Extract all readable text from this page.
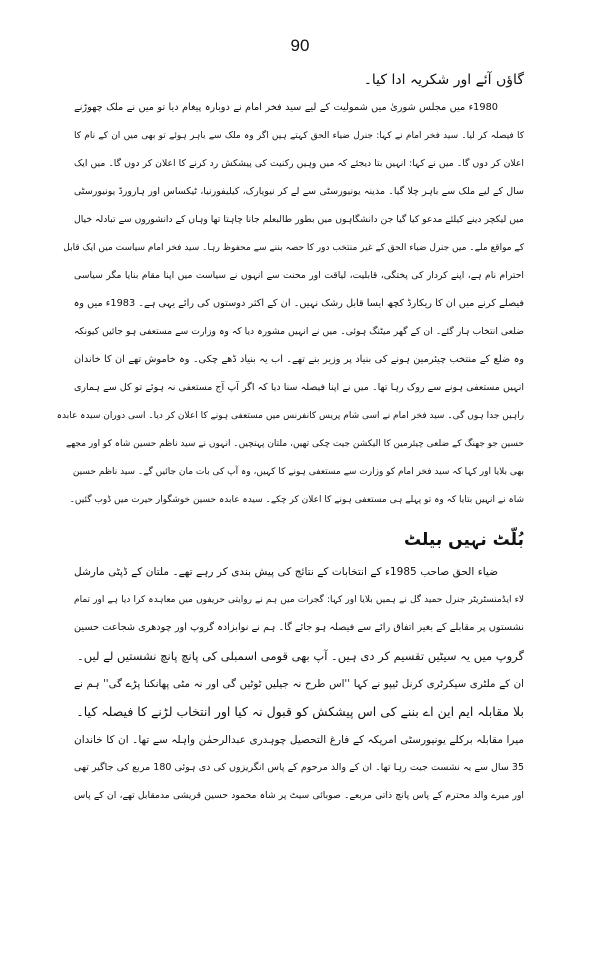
90
گاؤں آئے اور شکریہ ادا کیا۔
1980ء میں مجلس شوریٰ میں شمولیت کے لیے سید فخر امام نے دوبارہ پیغام دیا تو میں نے ملک چھوڑنے
کا فیصلہ کر لیا۔ سید فخر امام نے کہا: جنرل ضیاء الحق کہتے ہیں اگر وہ ملک سے باہر ہوئے تو بھی میں ان کے نام کا
اعلان کر دوں گا۔ میں نے کہا: انہیں بتا دیجئے کہ میں وہیں رکنیت کی پیشکش رد کرنے کا اعلان کر دوں گا۔ میں ایک
سال کے لیے ملک سے باہر چلا گیا۔ مدینہ یونیورسٹی سے لے کر نیویارک، کیلیفورنیا، ٹیکساس اور ہارورڈ یونیورسٹی
میں لیکچر دینے کیلئے مدعو کیا گیا جن دانشگاہوں میں بطور طالبعلم جانا چاہتا تھا وہاں کے دانشوروں سے تبادلہ خیال
کے مواقع ملے۔ میں جنرل ضیاء الحق کے غیر منتخب دور کا حصہ بننے سے محفوظ رہا۔ سید فخر امام سیاست میں ایک قابل
احترام نام ہے، اپنے کردار کی پختگی، قابلیت، لیاقت اور محنت سے انہوں نے سیاست میں اپنا مقام بنایا مگر سیاسی
فیصلے کرنے میں ان کا ریکارڈ کچھ ایسا قابل رشک نہیں۔ ان کے اکثر دوستوں کی رائے یہی ہے۔ 1983ء میں وہ
ضلعی انتخاب ہار گئے۔ ان کے گھر میٹنگ ہوئی۔ میں نے انہیں مشورہ دیا کہ وہ وزارت سے مستعفی ہو جائیں کیونکہ
وہ ضلع کے منتخب چیئرمین ہونے کی بنیاد پر وزیر بنے تھے۔ اب یہ بنیاد ڈھے چکی۔ وہ خاموش تھے ان کا خاندان
انہیں مستعفی ہونے سے روک رہا تھا۔ میں نے اپنا فیصلہ سنا دیا کہ اگر آپ آج مستعفی نہ ہوئے تو کل سے ہماری
راہیں جدا ہوں گی۔ سید فخر امام نے اسی شام پریس کانفرنس میں مستعفی ہونے کا اعلان کر دیا۔ اسی دوران سیدہ عابدہ
حسین جو جھنگ کے ضلعی چیئرمین کا الیکشن جیت چکی تھیں، ملتان پہنچیں۔ انہوں نے سید ناظم حسین شاہ کو اور مجھے
بھی بلایا اور کہا کہ سید فخر امام کو وزارت سے مستعفی ہونے کا کہیں، وہ آپ کی بات مان جائیں گے۔ سید ناظم حسین
شاہ نے انہیں بتایا کہ وہ تو پہلے ہی مستعفی ہونے کا اعلان کر چکے۔ سیدہ عابدہ حسین خوشگوار حیرت میں ڈوب گئیں۔
بُلّٹ نہیں بیلٹ
ضیاء الحق صاحب 1985ء کے انتخابات کے نتائج کی پیش بندی کر رہے تھے۔ ملتان کے ڈپٹی مارشل
لاء ایڈمنسٹریٹر جنرل حمید گل نے ہمیں بلایا اور کہا: گجرات میں ہم نے روایتی حریفوں میں معاہدہ کرا دیا ہے اور تمام
نشستوں پر مقابلے کے بغیر اتفاق رائے سے فیصلہ ہو جائے گا۔ ہم نے نوابزادہ گروپ اور چودھری شجاعت حسین
گروپ میں یہ سیٹیں تقسیم کر دی ہیں۔ آپ بھی قومی اسمبلی کی پانچ پانچ نشستیں لے لیں۔
ان کے ملٹری سیکرٹری کرنل ٹیپو نے کہا ''اس طرح نہ جیلیں ٹوٹیں گی اور نہ مٹی پھانکنا پڑے گی'' ہم نے
بلا مقابلہ ایم این اے بننے کی اس پیشکش کو قبول نہ کیا اور انتخاب لڑنے کا فیصلہ کیا۔
میرا مقابلہ برکلے یونیورسٹی امریکہ کے فارغ التحصیل چوہدری عبدالرحمٰن واہلہ سے تھا۔ ان کا خاندان
35 سال سے یہ نشست جیت رہا تھا۔ ان کے والد مرحوم کے پاس انگریزوں کی دی ہوئی 180 مربع کی جاگیر تھی
اور میرے والد محترم کے پاس پانچ ذاتی مربعے۔ صوبائی سیٹ پر شاہ محمود حسین قریشی مدمقابل تھے، ان کے پاس
